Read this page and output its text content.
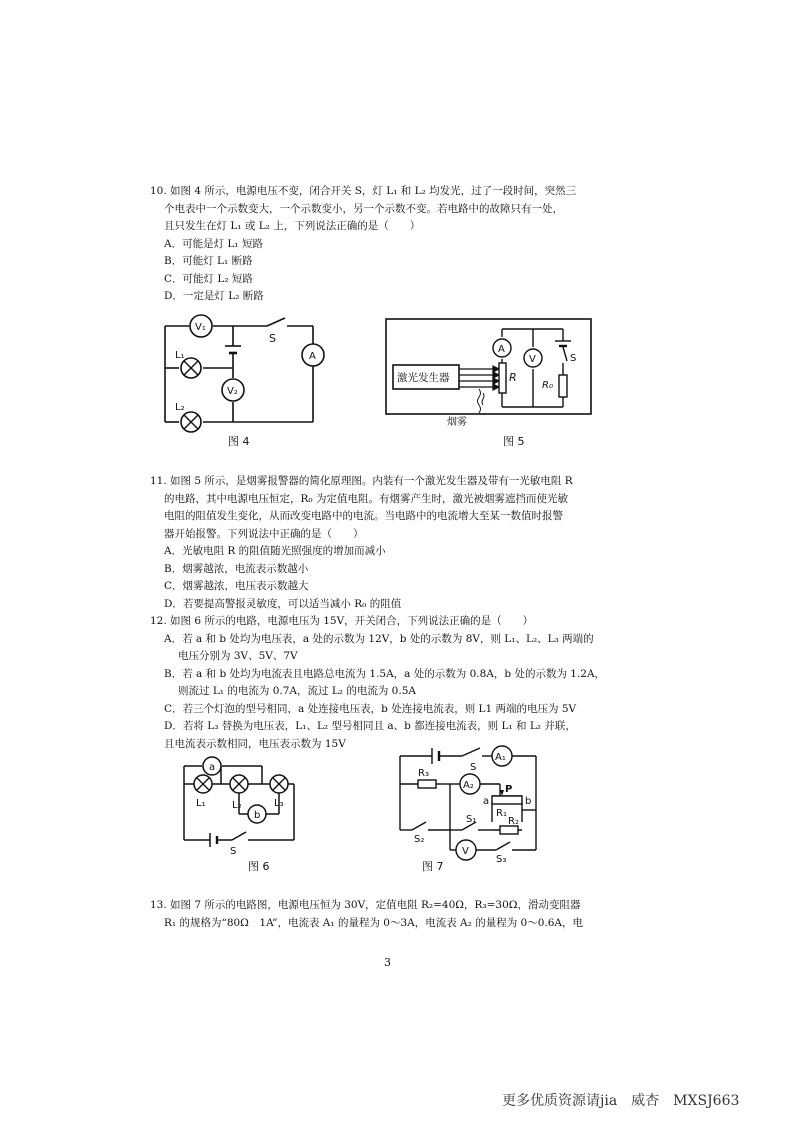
10. 如图 4 所示，电源电压不变，闭合开关 S，灯 L₁ 和 L₂ 均发光，过了一段时间，突然三
个电表中一个示数变大，一个示数变小，另一个示数不变。若电路中的故障只有一处，
且只发生在灯 L₁ 或 L₂ 上，下列说法正确的是（　　）
A．可能是灯 L₁ 短路
B．可能灯 L₁ 断路
C．可能灯 L₂ 短路
D．一定是灯 L₂ 断路
V₁
A
V₂
L₁
L₂
S
图 4
激光发生器	R
A
V
R₀
S
烟雾
图 5
11. 如图 5 所示，是烟雾报警器的简化原理图。内装有一个激光发生器及带有一光敏电阻 R
的电路，其中电源电压恒定，R₀ 为定值电阻。有烟雾产生时，激光被烟雾遮挡而使光敏
电阻的阻值发生变化，从而改变电路中的电流。当电路中的电流增大至某一数值时报警
器开始报警。下列说法中正确的是（　　）
A．光敏电阻 R 的阻值随光照强度的增加而减小
B．烟雾越浓，电流表示数越小
C．烟雾越浓，电压表示数越大
D．若要提高警报灵敏度，可以适当减小 R₀ 的阻值
12. 如图 6 所示的电路，电源电压为 15V，开关闭合，下列说法正确的是（　　）
A．若 a 和 b 处均为电压表，a 处的示数为 12V，b 处的示数为 8V，则 L₁、L₂、L₃ 两端的
电压分别为 3V、5V、7V
B．若 a 和 b 处均为电流表且电路总电流为 1.5A，a 处的示数为 0.8A，b 处的示数为 1.2A，
则流过 L₁ 的电流为 0.7A，流过 L₂ 的电流为 0.5A
C．若三个灯泡的型号相同，a 处连接电压表，b 处连接电流表，则 L1 两端的电压为 5V
D．若将 L₃ 替换为电压表，L₁、L₂ 型号相同且 a、b 都连接电流表，则 L₁ 和 L₂ 并联，
且电流表示数相同，电压表示数为 15V
a
b
L₁	L₂	L₃
S
图 6
A₁
R₃
A₂	P
R₁
a	b
R₂
V
S
S₁
S₂
S₃
图 7
13. 如图 7 所示的电路图，电源电压恒为 30V，定值电阻 R₂=40Ω，R₃=30Ω，滑动变阻器
R₁ 的规格为“80Ω　1A”，电流表 A₁ 的量程为 0～3A，电流表 A₂ 的量程为 0～0.6A，电
3
更多优质资源请jia 威杏 MXSJ663
